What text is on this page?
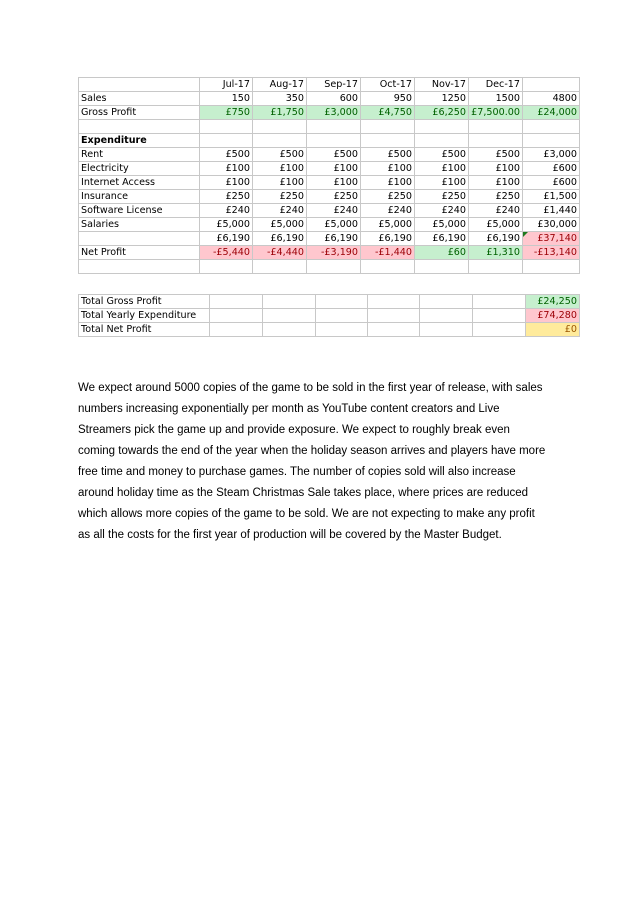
	Jul-17	Aug-17	Sep-17	Oct-17	Nov-17	Dec-17	
Sales	150	350	600	950	1250	1500	4800
Gross Profit	£750	£1,750	£3,000	£4,750	£6,250	£7,500.00	£24,000

Expenditure							
Rent	£500	£500	£500	£500	£500	£500	£3,000
Electricity	£100	£100	£100	£100	£100	£100	£600
Internet Access	£100	£100	£100	£100	£100	£100	£600
Insurance	£250	£250	£250	£250	£250	£250	£1,500
Software License	£240	£240	£240	£240	£240	£240	£1,440
Salaries	£5,000	£5,000	£5,000	£5,000	£5,000	£5,000	£30,000
	£6,190	£6,190	£6,190	£6,190	£6,190	£6,190	£37,140
Net Profit	-£5,440	-£4,440	-£3,190	-£1,440	£60	£1,310	-£13,140

Total Gross Profit							£24,250
Total Yearly Expenditure							£74,280
Total Net Profit							£0

We expect around 5000 copies of the game to be sold in the first year of release, with sales

numbers increasing exponentially per month as YouTube content creators and Live

Streamers pick the game up and provide exposure. We expect to roughly break even

coming towards the end of the year when the holiday season arrives and players have more

free time and money to purchase games. The number of copies sold will also increase

around holiday time as the Steam Christmas Sale takes place, where prices are reduced

which allows more copies of the game to be sold. We are not expecting to make any profit

as all the costs for the first year of production will be covered by the Master Budget.
